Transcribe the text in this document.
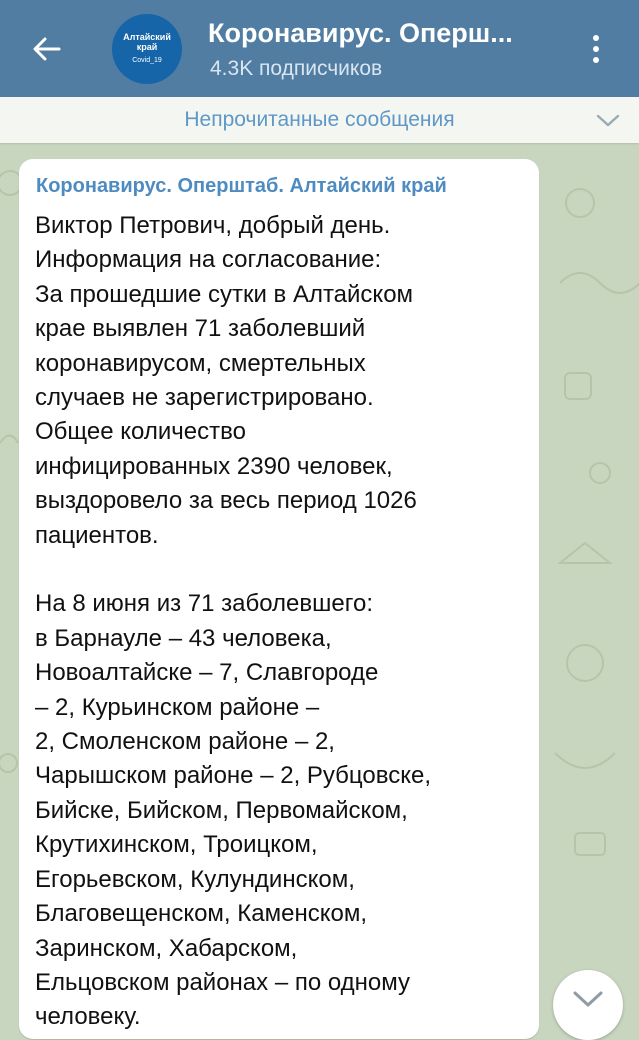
Алтайский
край
Covid_19
Коронавирус. Оперш...
4.3K подписчиков
Непрочитанные сообщения
Коронавирус. Оперштаб. Алтайский край
Виктор Петрович, добрый день.
Информация на согласование:
За прошедшие сутки в Алтайском
крае выявлен 71 заболевший
коронавирусом, смертельных
случаев не зарегистрировано.
Общее количество
инфицированных 2390 человек,
выздоровело за весь период 1026
пациентов.
На 8 июня из 71 заболевшего:
в Барнауле – 43 человека,
Новоалтайске – 7, Славгороде
– 2, Курьинском районе –
2, Смоленском районе – 2,
Чарышском районе – 2, Рубцовске,
Бийске, Бийском, Первомайском,
Крутихинском, Троицком,
Егорьевском, Кулундинском,
Благовещенском, Каменском,
Заринском, Хабарском,
Ельцовском районах – по одному
человеку.
